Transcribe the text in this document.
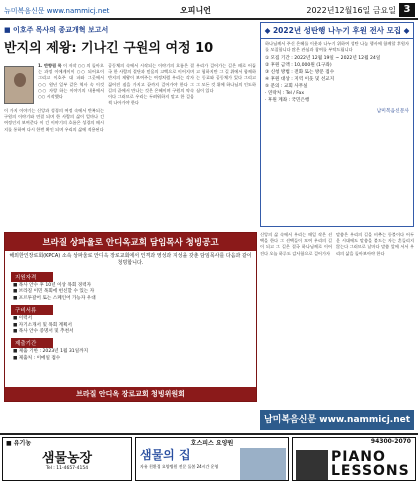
뉴미복음신문 www.nammicj.net	오피니언	2022년12월16일 금요일 3
■ 이호주 목사의 종교개혁 보고서
반지의 제왕: 기나긴 구원의 여정 10
1. 반향림 목 이 저작 ○○ 의 돌아오는 과정 이에게이이 ○○ 되어요이 그리고 이호주 대 파와 그곳에서 ○○ 원년 일부 같은 역사 속 이것 ○○ 자랑 하는 이야기의 내용에서 ○○ 시작했다
이 가지 이야기는 신앙과 성경의 여정 속에서 반복되는 구원의 이야기와 연결 되며 한 사람의 삶이 얼마나 긴 여정인지 보여준다 이 긴 이야기의 흐름은 성경의 메시지를 통하여 다시 한번 확인 되며 우리의 삶에 적용된다
공동체의 속에서 시작되는 이야기의 흐름은 결국 한 사람의 결단과 믿음의 고백으로 이어지며 반지의 제왕이 보여주는 여정처럼 우리는 각자 짊어진 짐을 가지고 끝까지 걸어가야 한다 그 길의 끝에서 만나는 것은 은혜이며 구원의 약속이다 그러므로 우리는 두려워하지 말고 한 걸음씩 나아가야 한다
우리가 걸어가는 길은 때로 어둡고 험하지만 그 길 위에서 함께하는 동료와 공동체가 있다 그리고 그 모든 것 위에 하나님의 인도하심이 있다
◆ 2022년 성탄행 나누기 후원 전사 모집 ◆
하나님께서 주신 은혜를 이웃과 나누기 위하여 성탄 나눔 행사에 함께할 후원자를 모집합니다 많은 관심과 참여를 부탁드립니다
① 모집 기간 : 2022년 12월 19일 ~ 2022년 12월 24일
② 후원 금액 : 10,000원 (1구좌)
③ 신청 방법 : 전화 또는 방문 접수
④ 후원 대상 : 지역 이웃 및 선교지
⑤ 문의 : 교회 사무실
· 연락처 : Tel / Fax
· 후원 계좌 : 국민은행
남미복음신문사
브라질 상파울로 안디옥교회 담임목사 청빙공고
해외한인장로회(KPCA) 소속 상파울로 안디옥 장로교회에서 인격과 영성과 지성을 갖춘 담임목사를 다음과 같이 청빙합니다.
지원자격
■ 목사 안수 후 10년 이상 목회 경력자
■ 브라질 이민 목회에 헌신할 수 있는 자
■ 포르투갈어 또는 스페인어 가능자 우대
구비서류
■ 이력서
■ 자기소개서 및 목회 계획서
■ 목사 안수 증명서 및 추천서
제출기간
■ 제출 기한 : 2023년 1월 31일까지
■ 제출처 : 이메일 접수
브라질 안디옥 장로교회 청빙위원회
신앙의 삶 속에서 우리는 매일 작은 선택을 한다 그 선택들이 모여 우리의 길이 되고 그 길은 결국 하나님께로 이어진다 오늘 하루도 감사함으로 걸어가자
말씀은 우리의 길을 비추는 등불이다 어두운 시대에도 말씀을 붙드는 자는 흔들리지 않는다 그러므로 날마다 말씀 앞에 서서 우리의 삶을 돌아보아야 한다
남미복음신문 www.nammicj.net
■ 유기농
샘물농장
Tel : 11-4657-4154
호스피스 요양원
샘물의 집
자유 친환경 요양병원 전문 돌봄 24시간 운영
94300-2070
PIANO LESSONS
